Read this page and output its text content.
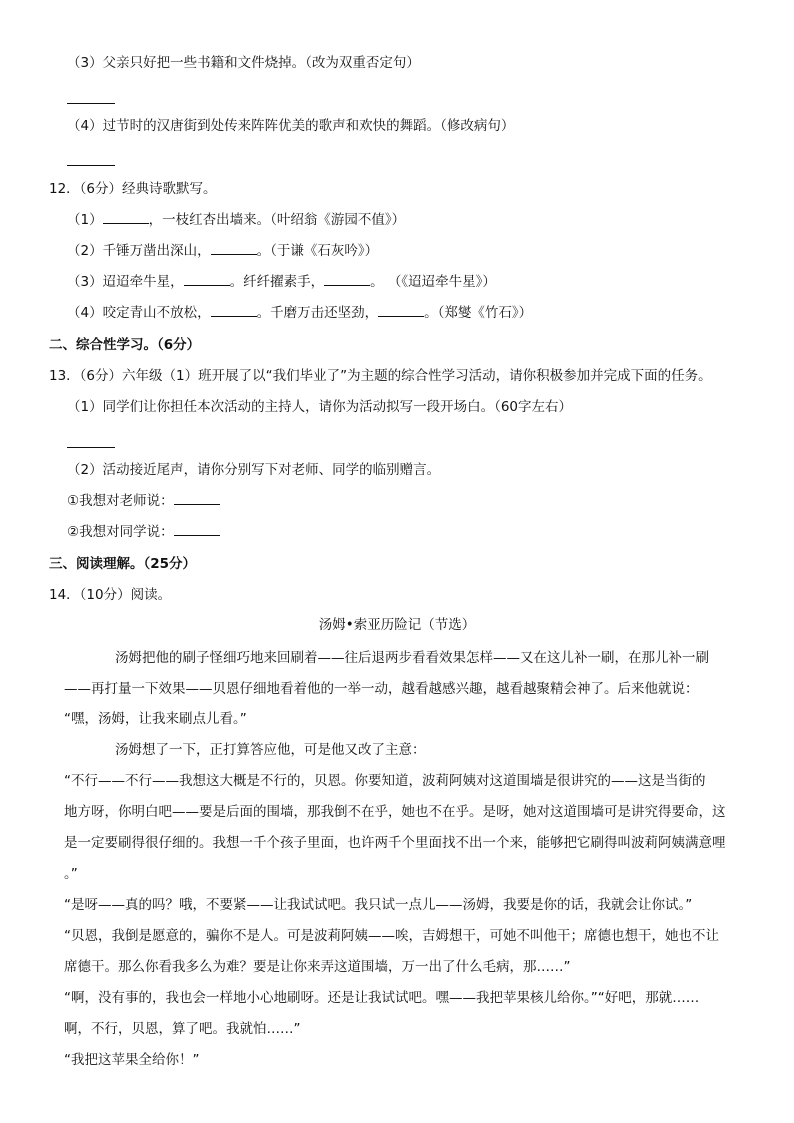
（3）父亲只好把一些书籍和文件烧掉。（改为双重否定句）
（4）过节时的汉唐街到处传来阵阵优美的歌声和欢快的舞蹈。（修改病句）
12．（6分）经典诗歌默写。
（1）	，一枝红杏出墙来。（叶绍翁《游园不值》）
（2）千锤万凿出深山，	。（于谦《石灰吟》）
（3）迢迢牵牛星，	。纤纤擢素手，	。 （《迢迢牵牛星》）
（4）咬定青山不放松，	。千磨万击还坚劲，	。（郑燮《竹石》）
二、综合性学习。（6分）
13．（6分）六年级（1）班开展了以“我们毕业了”为主题的综合性学习活动，请你积极参加并完成下面的任务。
（1）同学们让你担任本次活动的主持人，请你为活动拟写一段开场白。（60字左右）
（2）活动接近尾声，请你分别写下对老师、同学的临别赠言。
①我想对老师说：
②我想对同学说：
三、阅读理解。（25分）
14．（10分）阅读。
汤姆•索亚历险记（节选）
汤姆把他的刷子怪细巧地来回刷着——往后退两步看看效果怎样——又在这儿补一刷，在那儿补一刷
——再打量一下效果——贝恩仔细地看着他的一举一动，越看越感兴趣，越看越聚精会神了。后来他就说：
“嘿，汤姆，让我来刷点儿看。”
汤姆想了一下，正打算答应他，可是他又改了主意：
“不行——不行——我想这大概是不行的，贝恩。你要知道，波莉阿姨对这道围墙是很讲究的——这是当街的
地方呀，你明白吧——要是后面的围墙，那我倒不在乎，她也不在乎。是呀，她对这道围墙可是讲究得要命，这
是一定要刷得很仔细的。我想一千个孩子里面，也许两千个里面找不出一个来，能够把它刷得叫波莉阿姨满意哩
。”
“是呀——真的吗？哦，不要紧——让我试试吧。我只试一点儿——汤姆，我要是你的话，我就会让你试。”
“贝恩，我倒是愿意的，骗你不是人。可是波莉阿姨——唉，吉姆想干，可她不叫他干；席德也想干，她也不让
席德干。那么你看我多么为难？要是让你来弄这道围墙，万一出了什么毛病，那……”
“啊，没有事的，我也会一样地小心地刷呀。还是让我试试吧。嘿——我把苹果核儿给你。”“好吧，那就……
啊，不行，贝恩，算了吧。我就怕……”
“我把这苹果全给你！”
